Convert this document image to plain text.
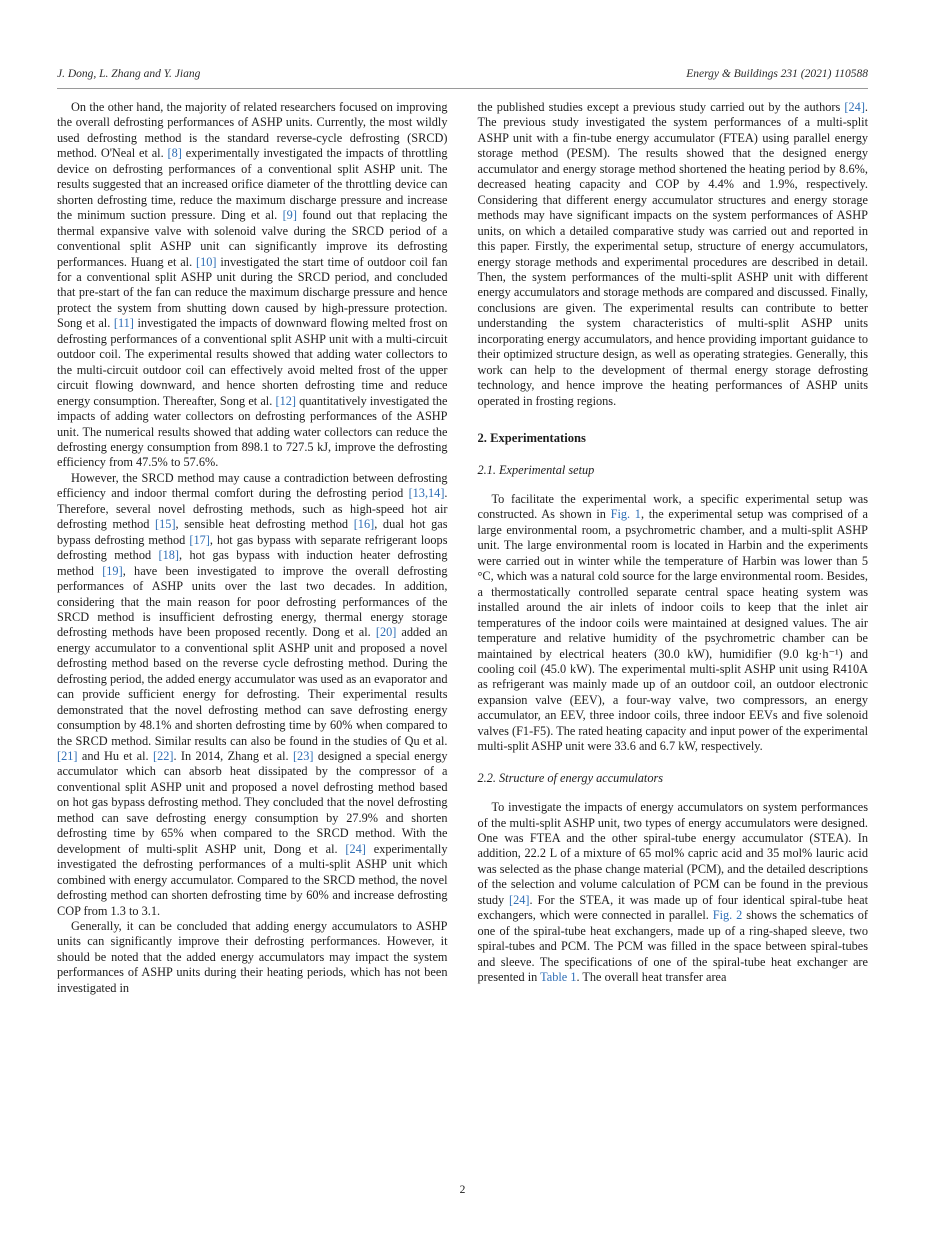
J. Dong, L. Zhang and Y. Jiang	Energy & Buildings 231 (2021) 110588

On the other hand, the majority of related researchers focused on improving the overall defrosting performances of ASHP units. Currently, the most wildly used defrosting method is the standard reverse-cycle defrosting (SRCD) method. O'Neal et al. [8] experimentally investigated the impacts of throttling device on defrosting performances of a conventional split ASHP unit. The results suggested that an increased orifice diameter of the throttling device can shorten defrosting time, reduce the maximum discharge pressure and increase the minimum suction pressure. Ding et al. [9] found out that replacing the thermal expansive valve with solenoid valve during the SRCD period of a conventional split ASHP unit can significantly improve its defrosting performances. Huang et al. [10] investigated the start time of outdoor coil fan for a conventional split ASHP unit during the SRCD period, and concluded that pre-start of the fan can reduce the maximum discharge pressure and hence protect the system from shutting down caused by high-pressure protection. Song et al. [11] investigated the impacts of downward flowing melted frost on defrosting performances of a conventional split ASHP unit with a multi-circuit outdoor coil. The experimental results showed that adding water collectors to the multi-circuit outdoor coil can effectively avoid melted frost of the upper circuit flowing downward, and hence shorten defrosting time and reduce energy consumption. Thereafter, Song et al. [12] quantitatively investigated the impacts of adding water collectors on defrosting performances of the ASHP unit. The numerical results showed that adding water collectors can reduce the defrosting energy consumption from 898.1 to 727.5 kJ, improve the defrosting efficiency from 47.5% to 57.6%.

However, the SRCD method may cause a contradiction between defrosting efficiency and indoor thermal comfort during the defrosting period [13,14]. Therefore, several novel defrosting methods, such as high-speed hot air defrosting method [15], sensible heat defrosting method [16], dual hot gas bypass defrosting method [17], hot gas bypass with separate refrigerant loops defrosting method [18], hot gas bypass with induction heater defrosting method [19], have been investigated to improve the overall defrosting performances of ASHP units over the last two decades. In addition, considering that the main reason for poor defrosting performances of the SRCD method is insufficient defrosting energy, thermal energy storage defrosting methods have been proposed recently. Dong et al. [20] added an energy accumulator to a conventional split ASHP unit and proposed a novel defrosting method based on the reverse cycle defrosting method. During the defrosting period, the added energy accumulator was used as an evaporator and can provide sufficient energy for defrosting. Their experimental results demonstrated that the novel defrosting method can save defrosting energy consumption by 48.1% and shorten defrosting time by 60% when compared to the SRCD method. Similar results can also be found in the studies of Qu et al. [21] and Hu et al. [22]. In 2014, Zhang et al. [23] designed a special energy accumulator which can absorb heat dissipated by the compressor of a conventional split ASHP unit and proposed a novel defrosting method based on hot gas bypass defrosting method. They concluded that the novel defrosting method can save defrosting energy consumption by 27.9% and shorten defrosting time by 65% when compared to the SRCD method. With the development of multi-split ASHP unit, Dong et al. [24] experimentally investigated the defrosting performances of a multi-split ASHP unit which combined with energy accumulator. Compared to the SRCD method, the novel defrosting method can shorten defrosting time by 60% and increase defrosting COP from 1.3 to 3.1.

Generally, it can be concluded that adding energy accumulators to ASHP units can significantly improve their defrosting performances. However, it should be noted that the added energy accumulators may impact the system performances of ASHP units during their heating periods, which has not been investigated in

the published studies except a previous study carried out by the authors [24]. The previous study investigated the system performances of a multi-split ASHP unit with a fin-tube energy accumulator (FTEA) using parallel energy storage method (PESM). The results showed that the designed energy accumulator and energy storage method shortened the heating period by 8.6%, decreased heating capacity and COP by 4.4% and 1.9%, respectively. Considering that different energy accumulator structures and energy storage methods may have significant impacts on the system performances of ASHP units, on which a detailed comparative study was carried out and reported in this paper. Firstly, the experimental setup, structure of energy accumulators, energy storage methods and experimental procedures are described in detail. Then, the system performances of the multi-split ASHP unit with different energy accumulators and storage methods are compared and discussed. Finally, conclusions are given. The experimental results can contribute to better understanding the system characteristics of multi-split ASHP units incorporating energy accumulators, and hence providing important guidance to their optimized structure design, as well as operating strategies. Generally, this work can help to the development of thermal energy storage defrosting technology, and hence improve the heating performances of ASHP units operated in frosting regions.

2. Experimentations
2.1. Experimental setup

To facilitate the experimental work, a specific experimental setup was constructed. As shown in Fig. 1, the experimental setup was comprised of a large environmental room, a psychrometric chamber, and a multi-split ASHP unit. The large environmental room is located in Harbin and the experiments were carried out in winter while the temperature of Harbin was lower than 5 °C, which was a natural cold source for the large environmental room. Besides, a thermostatically controlled separate central space heating system was installed around the air inlets of indoor coils to keep that the inlet air temperatures of the indoor coils were maintained at designed values. The air temperature and relative humidity of the psychrometric chamber can be maintained by electrical heaters (30.0 kW), humidifier (9.0 kg·h⁻¹) and cooling coil (45.0 kW). The experimental multi-split ASHP unit using R410A as refrigerant was mainly made up of an outdoor coil, an outdoor electronic expansion valve (EEV), a four-way valve, two compressors, an energy accumulator, an EEV, three indoor coils, three indoor EEVs and five solenoid valves (F1-F5). The rated heating capacity and input power of the experimental multi-split ASHP unit were 33.6 and 6.7 kW, respectively.

2.2. Structure of energy accumulators

To investigate the impacts of energy accumulators on system performances of the multi-split ASHP unit, two types of energy accumulators were designed. One was FTEA and the other spiral-tube energy accumulator (STEA). In addition, 22.2 L of a mixture of 65 mol% capric acid and 35 mol% lauric acid was selected as the phase change material (PCM), and the detailed descriptions of the selection and volume calculation of PCM can be found in the previous study [24]. For the STEA, it was made up of four identical spiral-tube heat exchangers, which were connected in parallel. Fig. 2 shows the schematics of one of the spiral-tube heat exchangers, made up of a ring-shaped sleeve, two spiral-tubes and PCM. The PCM was filled in the space between spiral-tubes and sleeve. The specifications of one of the spiral-tube heat exchanger are presented in Table 1. The overall heat transfer area

2
